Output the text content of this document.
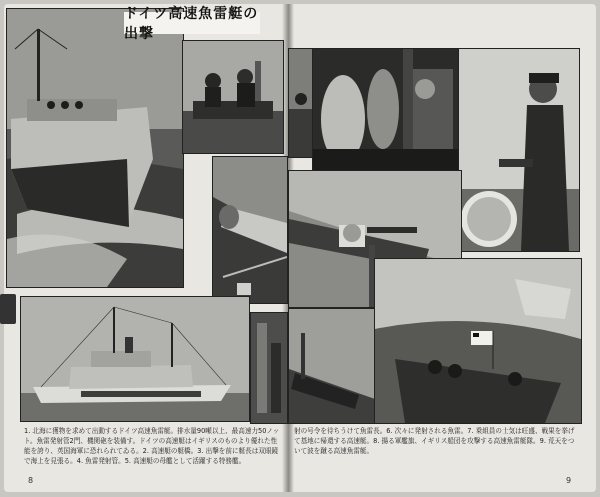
ドイツ高速魚雷艇の出撃
1. 北海に獲物を求めて出動するドイツ高速魚雷艇。排水量90噸以上、最高速力50ノット。魚雷発射管2門、機関砲を装備す。ドイツの高速艇はイギリスのものより優れた性能を誇り、英国海軍に恐れられてゐる。2. 高速艇の艇橋。3. 出撃を前に艇長は双眼鏡で海上を見張る。4. 魚雷発射管。5. 高速艇の母艦として活躍する特務艦。
射の号令を待ちうけて魚雷長。6. 次々に発射される魚雷。7. 乗組員の士気は旺盛、戦果を挙げて基地に帰還する高速艇。8. 揚る軍艦旗、イギリス船団を攻撃する高速魚雷艇隊。9. 荒天をついて波を蹴る高速魚雷艇。
8	9
